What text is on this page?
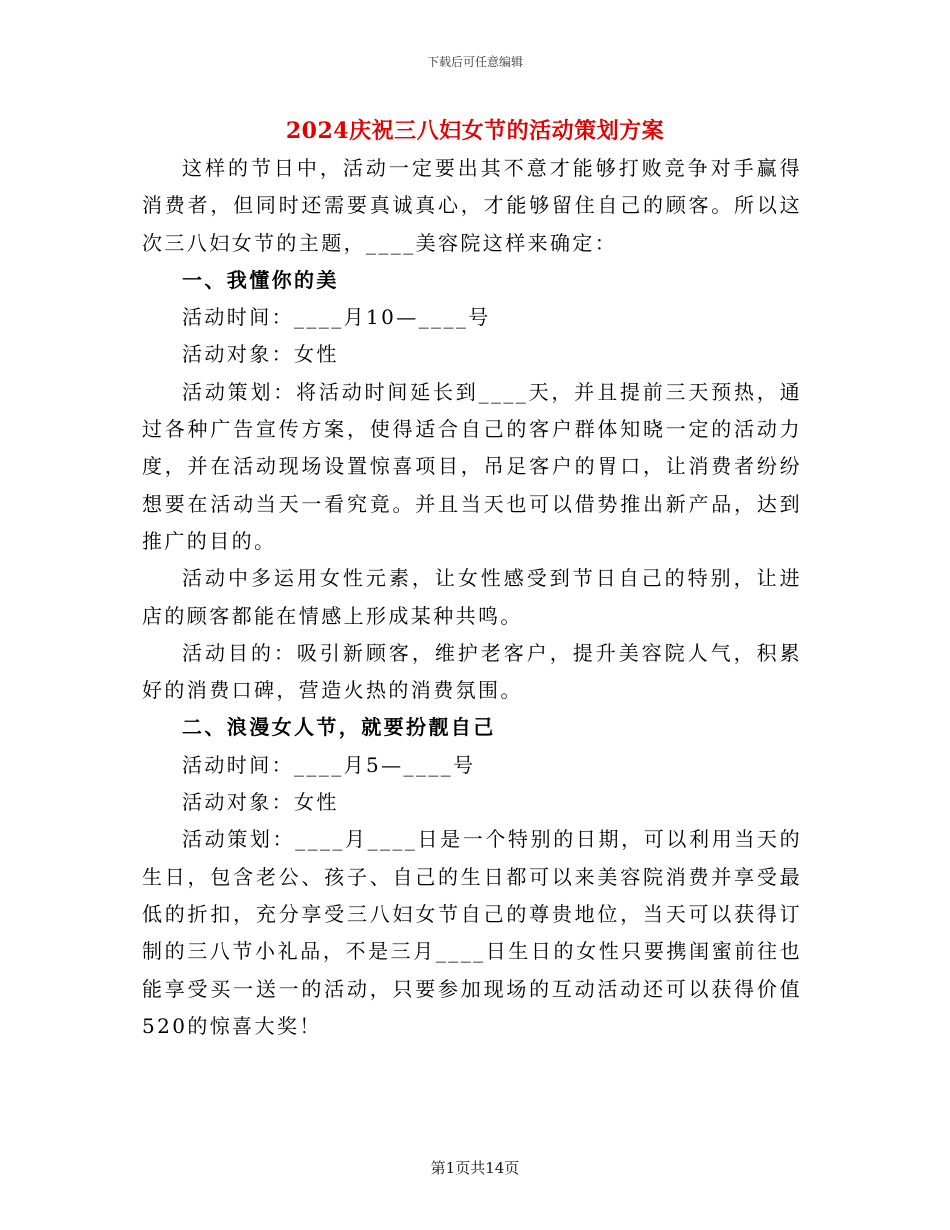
下载后可任意编辑
2024庆祝三八妇女节的活动策划方案

这样的节日中，活动一定要出其不意才能够打败竞争对手赢得消费者，但同时还需要真诚真心，才能够留住自己的顾客。所以这次三八妇女节的主题，____美容院这样来确定：

一、我懂你的美

活动时间：____月10—____号

活动对象：女性

活动策划：将活动时间延长到____天，并且提前三天预热，通过各种广告宣传方案，使得适合自己的客户群体知晓一定的活动力度，并在活动现场设置惊喜项目，吊足客户的胃口，让消费者纷纷想要在活动当天一看究竟。并且当天也可以借势推出新产品，达到推广的目的。

活动中多运用女性元素，让女性感受到节日自己的特别，让进店的顾客都能在情感上形成某种共鸣。

活动目的：吸引新顾客，维护老客户，提升美容院人气，积累好的消费口碑，营造火热的消费氛围。

二、浪漫女人节，就要扮靓自己

活动时间：____月5—____号

活动对象：女性

活动策划：____月____日是一个特别的日期，可以利用当天的生日，包含老公、孩子、自己的生日都可以来美容院消费并享受最低的折扣，充分享受三八妇女节自己的尊贵地位，当天可以获得订制的三八节小礼品，不是三月____日生日的女性只要携闺蜜前往也能享受买一送一的活动，只要参加现场的互动活动还可以获得价值520的惊喜大奖！

第1页共14页
